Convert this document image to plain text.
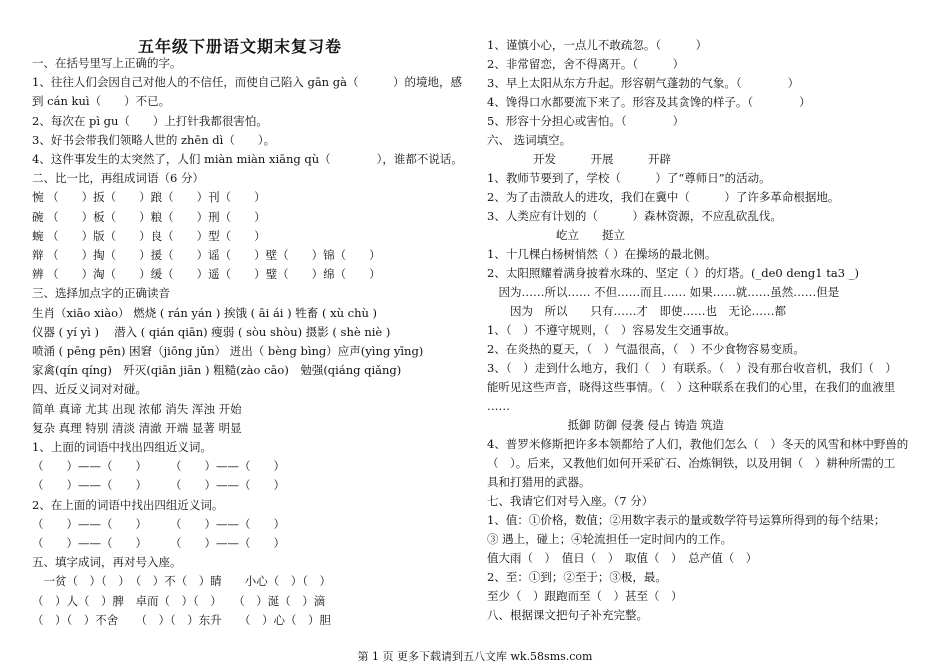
五年级下册语文期末复习卷
一、在括号里写上正确的字。
1、往往人们会因自己对他人的不信任，而使自己陷入 gān gà（　　　）的境地，感
到 cán kuì（　　）不已。
2、每次在 pì gu（　　）上打针我都很害怕。
3、好书会带我们领略人世的 zhēn dì（　　）。
4、这件事发生的太突然了，人们 miàn miàn xiāng qù（　　　　），谁都不说话。
二、比一比，再组成词语（6 分）
惋 （　　）扳（　　）踉（　　）刊（　　）
碗 （　　）板（　　）粮（　　）刑（　　）
蜿 （　　）版（　　）良（　　）型（　　）
辩 （　　）掏（　　）援（　　）谣（　　）壁（　　）锦（　　）
辨 （　　）淘（　　）缓（　　）遥（　　）璧（　　）绵（　　）
三、选择加点字的正确读音
生肖（xiāo xiào） 燃烧 ( rán yán ) 挨饿 ( āi ái ) 牲畜 ( xù chù )
仪器 ( yí yì )　 潜入 ( qián qiān) 瘦弱 ( sòu shòu) 摄影 ( shè niè )
喷涌 ( pēng pēn) 困窘（jiōng jǔn） 迸出（ bèng bìng）应声(yìng yīng)
家禽(qín qíng)　歼灭(qiān jiān ) 粗糙(zào cāo)　勉强(qiáng qiǎng)
四、近反义词对对碰。
简单 真谛 尤其 出现 浓郁 消失 浑浊 开始
复杂 真理 特别 清淡 清澈 开端 显著 明显
1、上面的词语中找出四组近义词。
（　　）——（　　）　　　（　　）——（　　）
（　　）——（　　）　　　（　　）——（　　）
2、在上面的词语中找出四组近义词。
（　　）——（　　）　　　（　　）——（　　）
（　　）——（　　）　　　（　　）——（　　）
五、填字成词，再对号入座。
　一贫（　）（　）　（　）不（　）睛　　小心（　）（　）
（　）人（　）脾　卓而（　）（　）　　（　）涎（　）滴
（　）（　）不舍　　（　）（　）东升　　（　）心（　）胆
1、谨慎小心，一点儿不敢疏忽。（　　　）
2、非常留恋，舍不得离开。（　　　）
3、早上太阳从东方升起。形容朝气蓬勃的气象。（　　　　）
4、馋得口水都要流下来了。形容及其贪馋的样子。（　　　　）
5、形容十分担心或害怕。（　　　　）
六、 选词填空。
　　　　开发　　　开展　　　开辟
1、教师节要到了，学校（　　　）了“尊师日”的活动。
2、为了击溃敌人的进攻，我们在冀中（　　　）了许多革命根据地。
3、人类应有计划的（　　　）森林资源，不应乱砍乱伐。
　　　　　　屹立　　挺立
1、十几棵白杨树悄然（ ）在操场的最北侧。
2、太阳照耀着满身披着水珠的、坚定（ ）的灯塔。(_de0 deng1 ta3 _)
　因为……所以…… 不但……而且…… 如果……就……虽然……但是
　　因为　所以　　只有……才　即使……也　无论……都
1、（　）不遵守规则，（　）容易发生交通事故。
2、在炎热的夏天，（　）气温很高，（　）不少食物容易变质。
3、（　）走到什么地方，我们（　）有联系。（　）没有那台收音机，我们（　）
能听见这些声音，晓得这些事情。（　）这种联系在我们的心里，在我们的血液里
……
　　　　　　　抵御 防御 侵袭 侵占 铸造 筑造
4、普罗米修斯把许多本领都给了人们，教他们怎么（　）冬天的风雪和林中野兽的
（　）。后来，又教他们如何开采矿石、冶炼铜铁，以及用铜（　）耕种所需的工
具和打猎用的武器。
七、我请它们对号入座。（7 分）
1、值：①价格，数值；②用数字表示的量或数学符号运算所得到的每个结果；
③ 遇上，碰上；④轮流担任一定时间内的工作。
值大雨（　）　值日（　）　取值（　）　总产值（　）
2、至：①到；②至于；③极，最。
至少（　）跟跑而至（　）甚至（　）
八、根据课文把句子补充完整。
第 1 页 更多下载请到五八文库 wk.58sms.com
